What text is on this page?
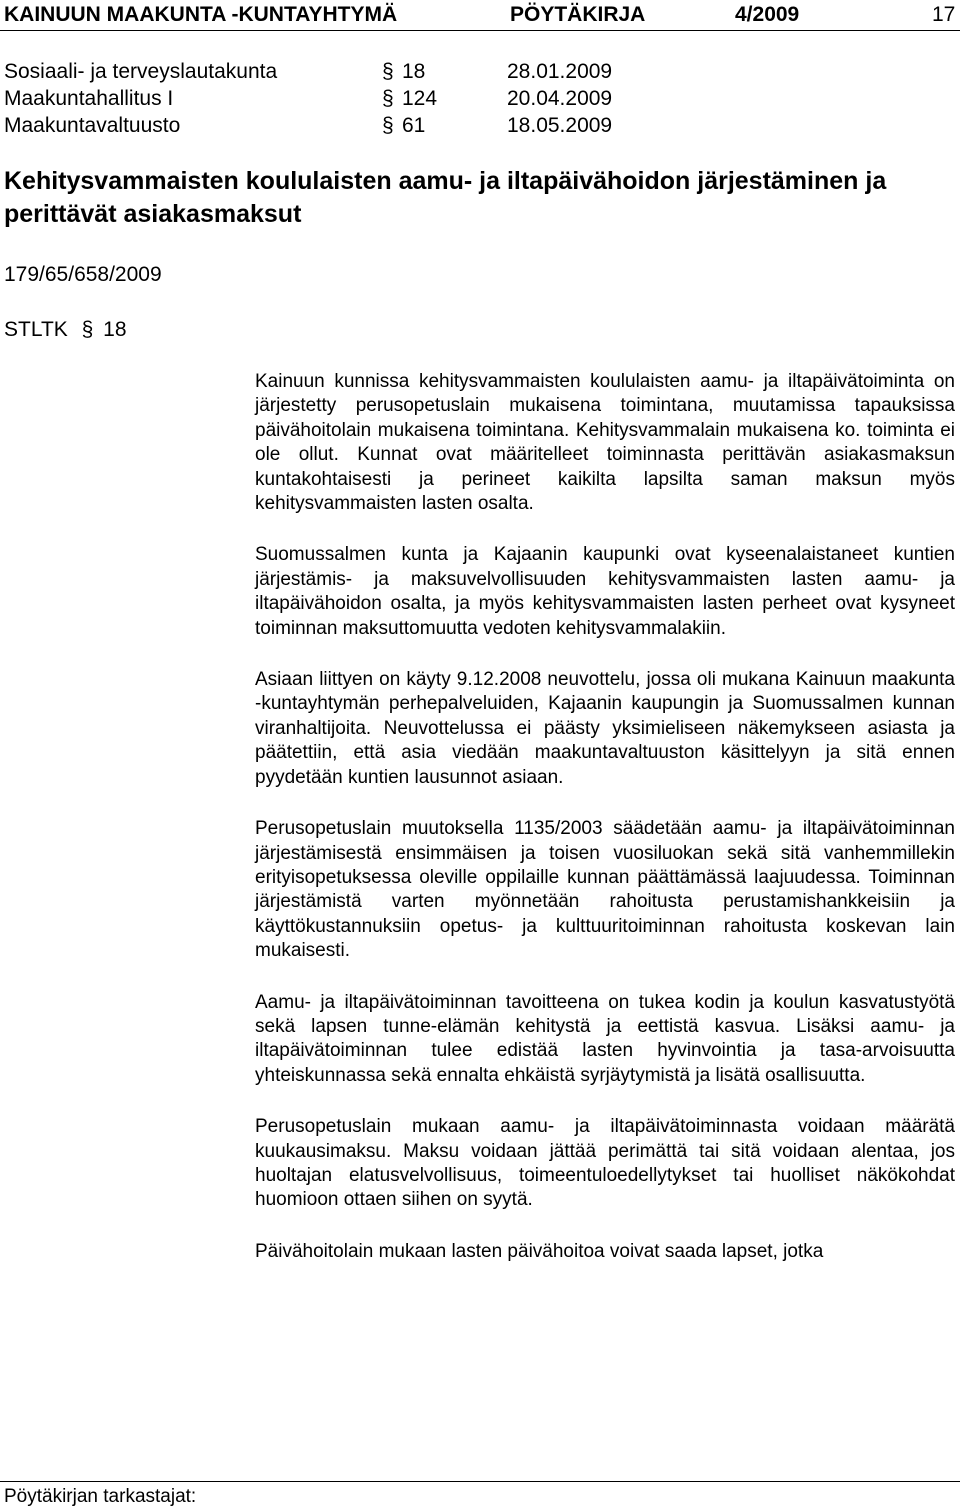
KAINUUN MAAKUNTA -KUNTAYHTYMÄ	PÖYTÄKIRJA	4/2009	17
Sosiaali- ja terveyslautakunta	§ 18	28.01.2009
Maakuntahallitus I	§ 124	20.04.2009
Maakuntavaltuusto	§ 61	18.05.2009
Kehitysvammaisten koululaisten aamu- ja iltapäivähoidon järjestäminen ja perittävät asiakasmaksut
179/65/658/2009
STLTK § 18

Kainuun kunnissa kehitysvammaisten koululaisten aamu- ja iltapäivätoiminta on järjestetty perusopetuslain mukaisena toimintana, muutamissa tapauksissa päivähoitolain mukaisena toimintana. Kehitysvammalain mukaisena ko. toiminta ei ole ollut. Kunnat ovat määritelleet toiminnasta perittävän asiakasmaksun kuntakohtaisesti ja perineet kaikilta lapsilta saman maksun myös kehitysvammaisten lasten osalta.

Suomussalmen kunta ja Kajaanin kaupunki ovat kyseenalaistaneet kuntien järjestämis- ja maksuvelvollisuuden kehitysvammaisten lasten aamu- ja iltapäivähoidon osalta, ja myös kehitysvammaisten lasten perheet ovat kysyneet toiminnan maksuttomuutta vedoten kehitysvammalakiin.

Asiaan liittyen on käyty 9.12.2008 neuvottelu, jossa oli mukana Kainuun maakunta -kuntayhtymän perhepalveluiden, Kajaanin kaupungin ja Suomussalmen kunnan viranhaltijoita. Neuvottelussa ei päästy yksimieliseen näkemykseen asiasta ja päätettiin, että asia viedään maakuntavaltuuston käsittelyyn ja sitä ennen pyydetään kuntien lausunnot asiaan.

Perusopetuslain muutoksella 1135/2003 säädetään aamu- ja iltapäivätoiminnan järjestämisestä ensimmäisen ja toisen vuosiluokan sekä sitä vanhemmillekin erityisopetuksessa oleville oppilaille kunnan päättämässä laajuudessa. Toiminnan järjestämistä varten myönnetään rahoitusta perustamishankkeisiin ja käyttökustannuksiin opetus- ja kulttuuritoiminnan rahoitusta koskevan lain mukaisesti.

Aamu- ja iltapäivätoiminnan tavoitteena on tukea kodin ja koulun kasvatustyötä sekä lapsen tunne-elämän kehitystä ja eettistä kasvua. Lisäksi aamu- ja iltapäivätoiminnan tulee edistää lasten hyvinvointia ja tasa-arvoisuutta yhteiskunnassa sekä ennalta ehkäistä syrjäytymistä ja lisätä osallisuutta.

Perusopetuslain mukaan aamu- ja iltapäivätoiminnasta voidaan määrätä kuukausimaksu. Maksu voidaan jättää perimättä tai sitä voidaan alentaa, jos huoltajan elatusvelvollisuus, toimeentuloedellytykset tai huolliset näkökohdat huomioon ottaen siihen on syytä.

Päivähoitolain mukaan lasten päivähoitoa voivat saada lapset, jotka

Pöytäkirjan tarkastajat:
